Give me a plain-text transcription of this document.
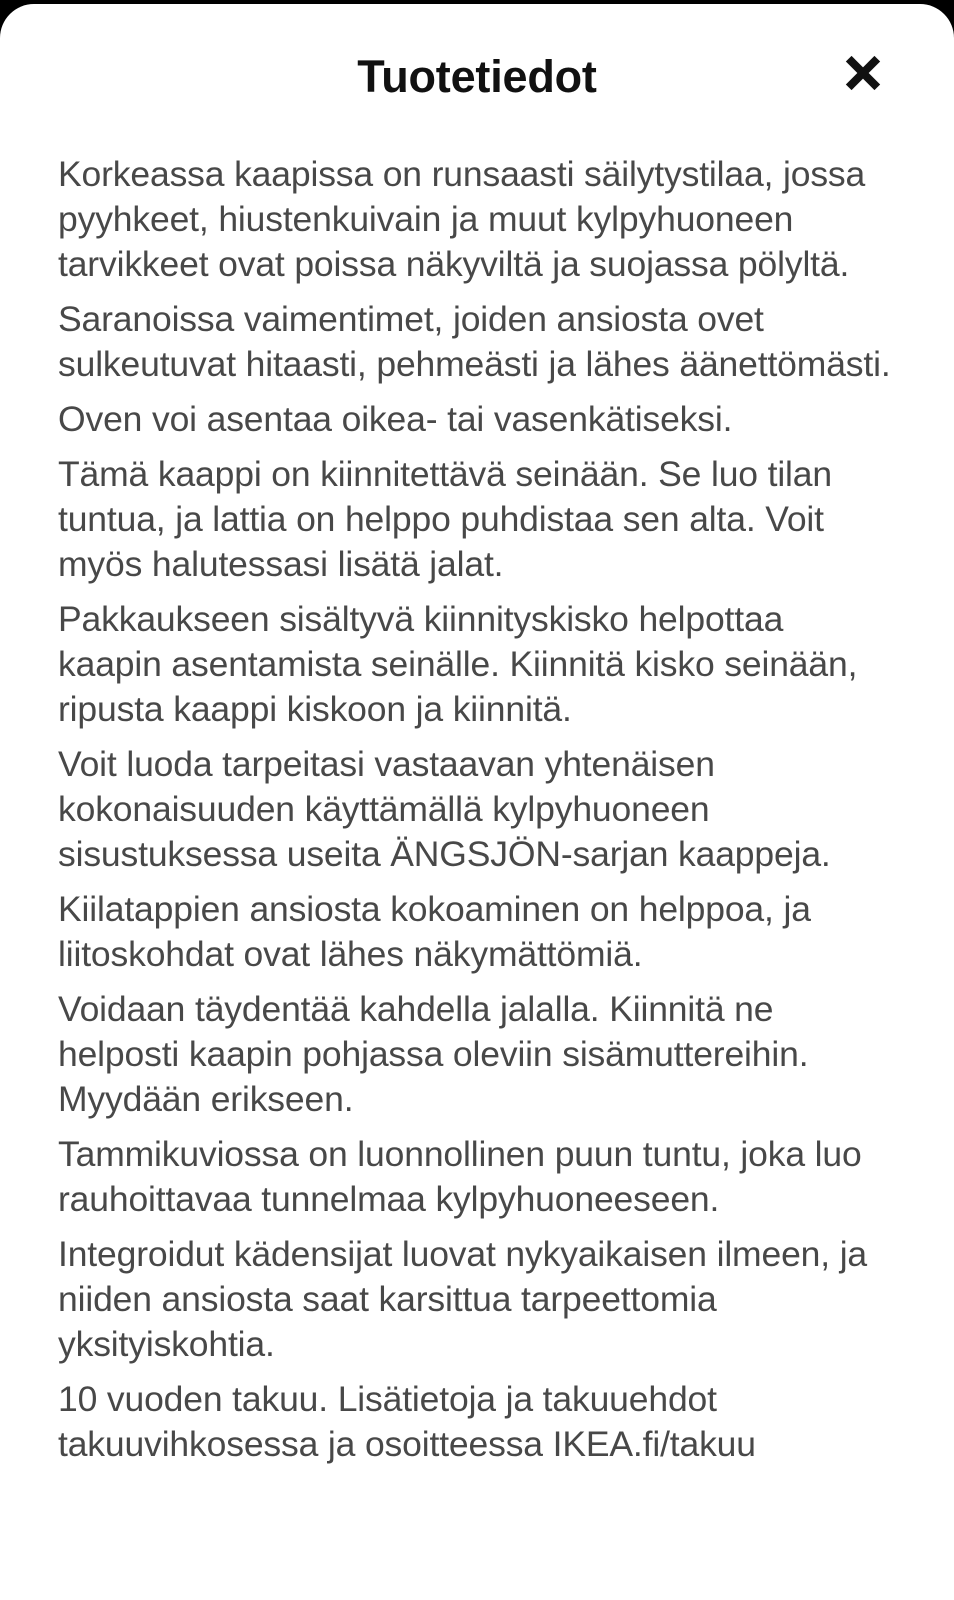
Tuotetiedot

Korkeassa kaapissa on runsaasti säilytystilaa, jossa pyyhkeet, hiustenkuivain ja muut kylpyhuoneen tarvikkeet ovat poissa näkyviltä ja suojassa pölyltä.

Saranoissa vaimentimet, joiden ansiosta ovet sulkeutuvat hitaasti, pehmeästi ja lähes äänettömästi.

Oven voi asentaa oikea- tai vasenkätiseksi.

Tämä kaappi on kiinnitettävä seinään. Se luo tilan tuntua, ja lattia on helppo puhdistaa sen alta. Voit myös halutessasi lisätä jalat.

Pakkaukseen sisältyvä kiinnityskisko helpottaa kaapin asentamista seinälle. Kiinnitä kisko seinään, ripusta kaappi kiskoon ja kiinnitä.

Voit luoda tarpeitasi vastaavan yhtenäisen kokonaisuuden käyttämällä kylpyhuoneen sisustuksessa useita ÄNGSJÖN-sarjan kaappeja.

Kiilatappien ansiosta kokoaminen on helppoa, ja liitoskohdat ovat lähes näkymättömiä.

Voidaan täydentää kahdella jalalla. Kiinnitä ne helposti kaapin pohjassa oleviin sisämuttereihin. Myydään erikseen.

Tammikuviossa on luonnollinen puun tuntu, joka luo rauhoittavaa tunnelmaa kylpyhuoneeseen.

Integroidut kädensijat luovat nykyaikaisen ilmeen, ja niiden ansiosta saat karsittua tarpeettomia yksityiskohtia.

10 vuoden takuu. Lisätietoja ja takuuehdot takuuvihkosessa ja osoitteessa IKEA.fi/takuu
